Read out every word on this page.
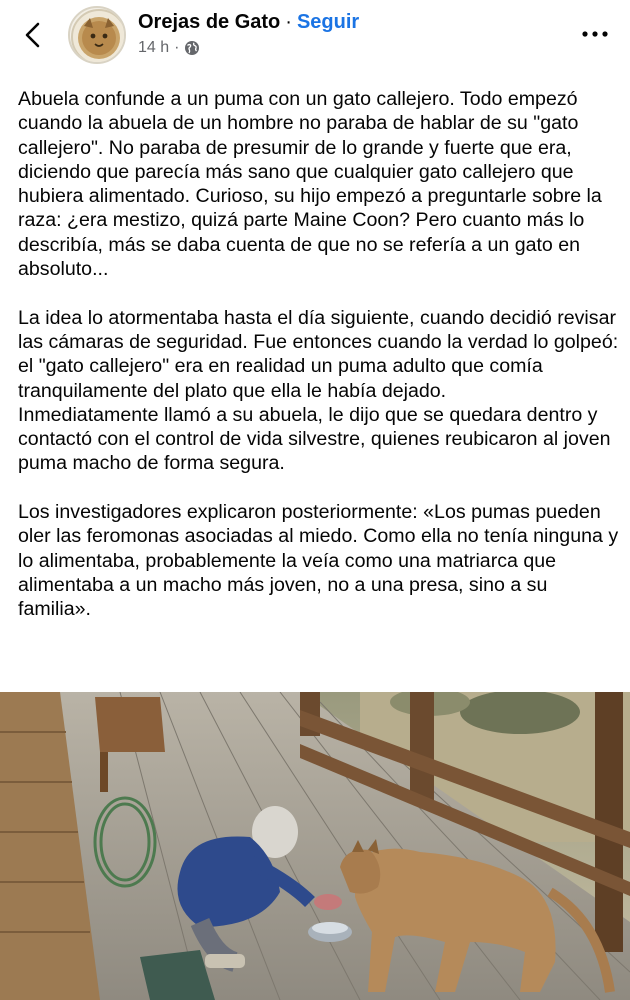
Orejas de Gato · Seguir
14 h ·

Abuela confunde a un puma con un gato callejero. Todo empezó cuando la abuela de un hombre no paraba de hablar de su "gato callejero". No paraba de presumir de lo grande y fuerte que era, diciendo que parecía más sano que cualquier gato callejero que hubiera alimentado. Curioso, su hijo empezó a preguntarle sobre la raza: ¿era mestizo, quizá parte Maine Coon? Pero cuanto más lo describía, más se daba cuenta de que no se refería a un gato en absoluto...

La idea lo atormentaba hasta el día siguiente, cuando decidió revisar las cámaras de seguridad. Fue entonces cuando la verdad lo golpeó: el "gato callejero" era en realidad un puma adulto que comía tranquilamente del plato que ella le había dejado.

Inmediatamente llamó a su abuela, le dijo que se quedara dentro y contactó con el control de vida silvestre, quienes reubicaron al joven puma macho de forma segura.

Los investigadores explicaron posteriormente: «Los pumas pueden oler las feromonas asociadas al miedo. Como ella no tenía ninguna y lo alimentaba, probablemente la veía como una matriarca que alimentaba a un macho más joven, no a una presa, sino a su familia».
